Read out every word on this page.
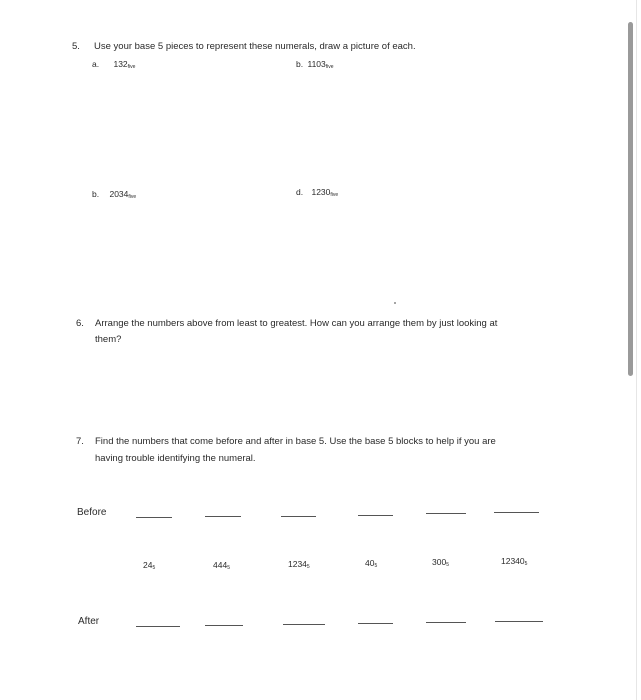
5. Use your base 5 pieces to represent these numerals, draw a picture of each.
a. $132_{five}$	b. $1103_{five}$
b. $2034_{five}$	d. $1230_{five}$
6. Arrange the numbers above from least to greatest. How can you arrange them by just looking at
them?
7. Find the numbers that come before and after in base 5. Use the base 5 blocks to help if you are
having trouble identifying the numeral.
Before
$24_5$	$444_5$	$1234_5$	$40_5$	$300_5$	$12340_5$
After
